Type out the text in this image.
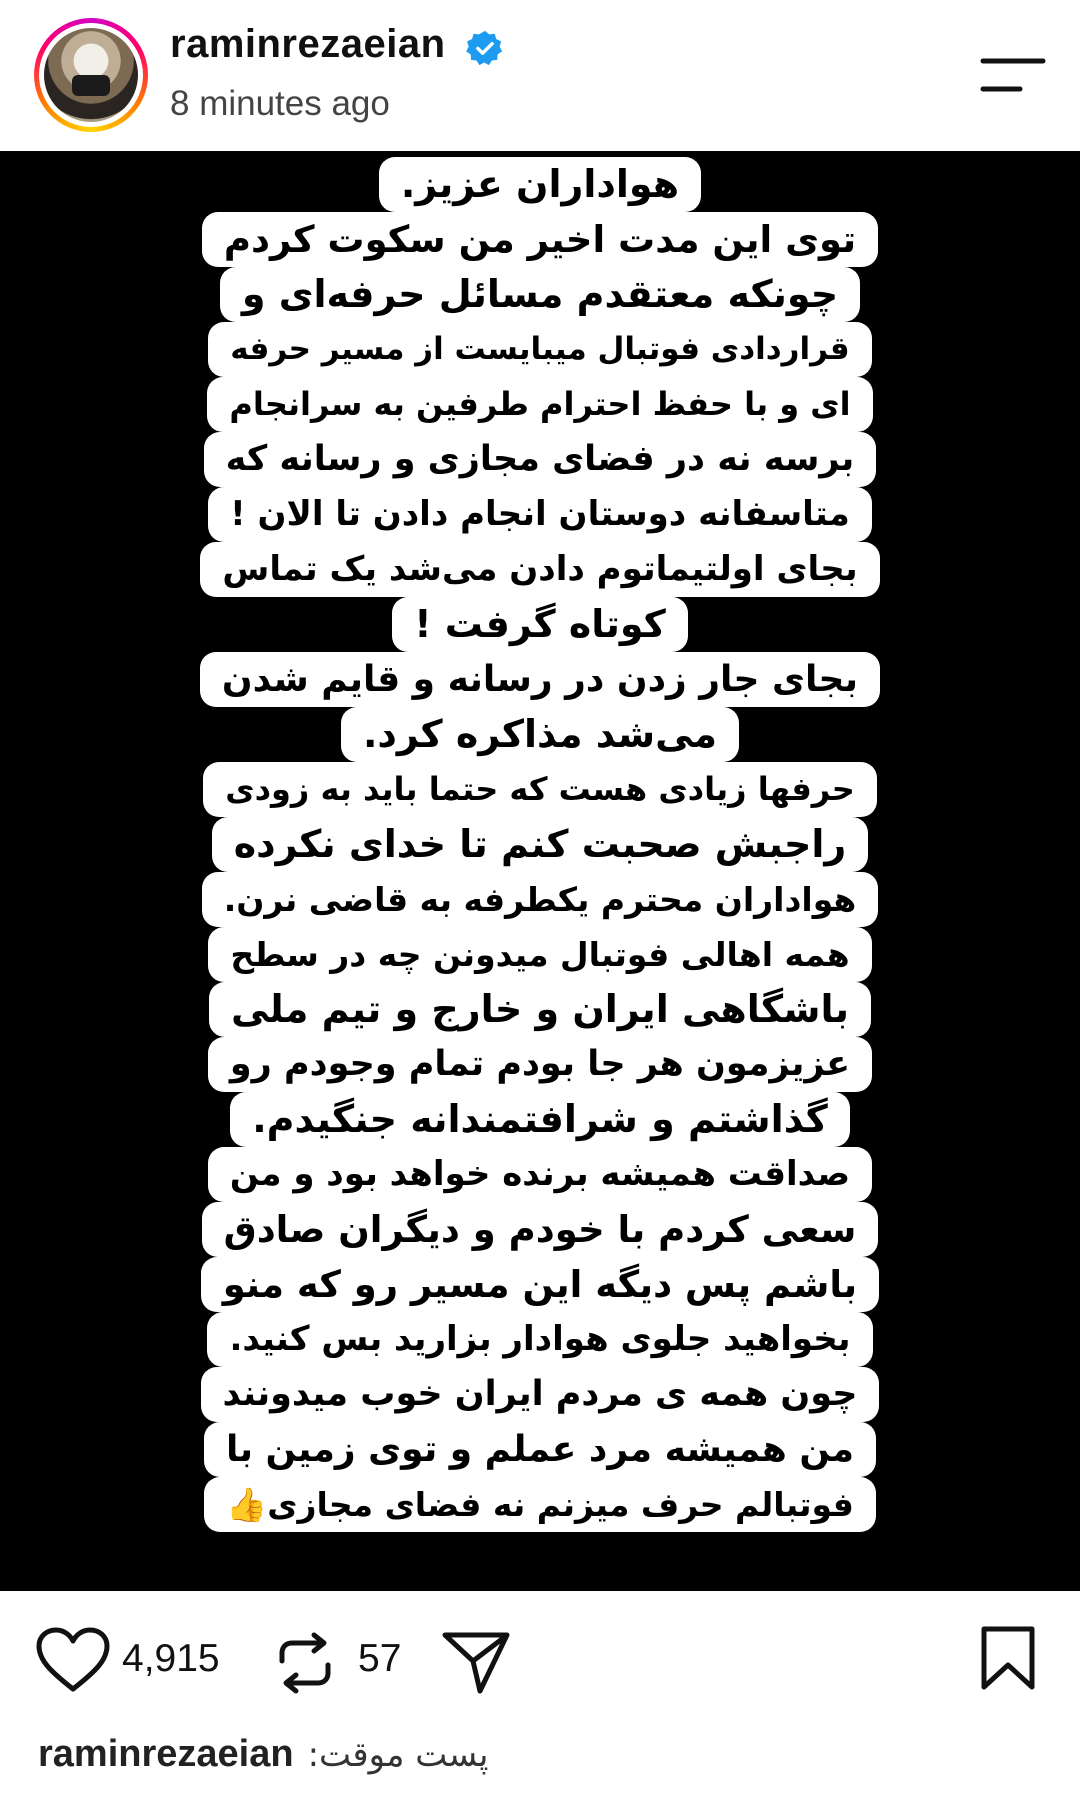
raminrezaeian
8 minutes ago
هواداران عزیز.
توی این مدت اخیر من سکوت کردم
چونکه معتقدم مسائل حرفه‌ای و
قراردادی فوتبال میبایست از مسیر حرفه
ای و با حفظ احترام طرفین به سرانجام
برسه نه در فضای مجازی و رسانه که
متاسفانه دوستان انجام دادن تا الان !
بجای اولتیماتوم دادن می‌شد یک تماس
کوتاه گرفت !
بجای جار زدن در رسانه و قایم شدن
می‌شد مذاکره کرد.
حرفها زیادی هست که حتما باید به زودی
راجبش صحبت کنم تا خدای نکرده
هواداران محترم یکطرفه به قاضی نرن.
همه اهالی فوتبال میدونن چه در سطح
باشگاهی ایران و خارج و تیم ملی
عزیزمون هر جا بودم تمام وجودم رو
گذاشتم و شرافتمندانه جنگیدم.
صداقت همیشه برنده خواهد بود و من
سعی کردم با خودم و دیگران صادق
باشم پس دیگه این مسیر رو که منو
بخواهید جلوی هوادار بزارید بس کنید.
چون همه ی مردم ایران خوب میدونند
من همیشه مرد عملم و توی زمین با
فوتبالم حرف میزنم نه فضای مجازی👍
4,915	57
raminrezaeian پست موقت:
